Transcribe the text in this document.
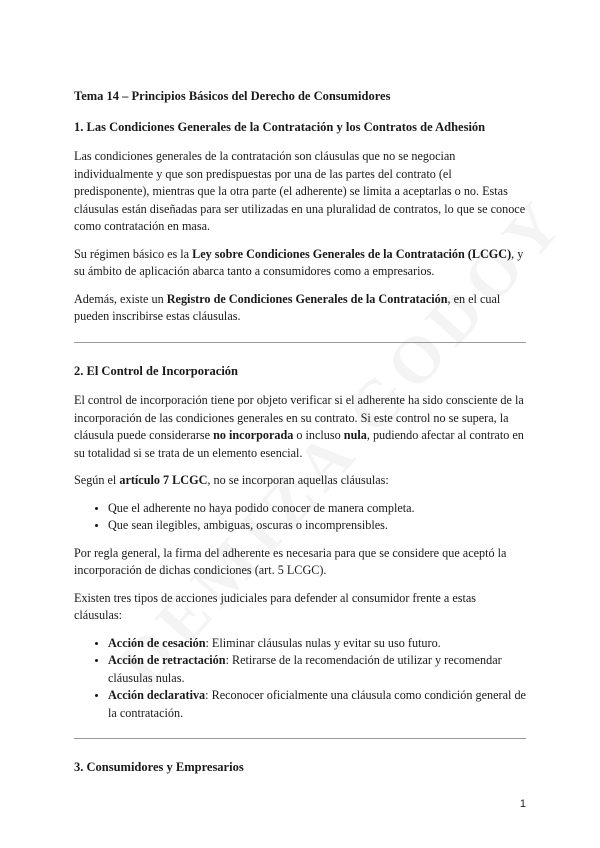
Tema 14 – Principios Básicos del Derecho de Consumidores
1. Las Condiciones Generales de la Contratación y los Contratos de Adhesión

Las condiciones generales de la contratación son cláusulas que no se negocian individualmente y que son predispuestas por una de las partes del contrato (el predisponente), mientras que la otra parte (el adherente) se limita a aceptarlas o no. Estas cláusulas están diseñadas para ser utilizadas en una pluralidad de contratos, lo que se conoce como contratación en masa.

Su régimen básico es la Ley sobre Condiciones Generales de la Contratación (LCGC), y su ámbito de aplicación abarca tanto a consumidores como a empresarios.

Además, existe un Registro de Condiciones Generales de la Contratación, en el cual pueden inscribirse estas cláusulas.

2. El Control de Incorporación

El control de incorporación tiene por objeto verificar si el adherente ha sido consciente de la incorporación de las condiciones generales en su contrato. Si este control no se supera, la cláusula puede considerarse no incorporada o incluso nula, pudiendo afectar al contrato en su totalidad si se trata de un elemento esencial.

Según el artículo 7 LCGC, no se incorporan aquellas cláusulas:

• Que el adherente no haya podido conocer de manera completa.
• Que sean ilegibles, ambiguas, oscuras o incomprensibles.

Por regla general, la firma del adherente es necesaria para que se considere que aceptó la incorporación de dichas condiciones (art. 5 LCGC).

Existen tres tipos de acciones judiciales para defender al consumidor frente a estas cláusulas:

• Acción de cesación: Eliminar cláusulas nulas y evitar su uso futuro.
• Acción de retractación: Retirarse de la recomendación de utilizar y recomendar cláusulas nulas.
• Acción declarativa: Reconocer oficialmente una cláusula como condición general de la contratación.
3. Consumidores y Empresarios
1
